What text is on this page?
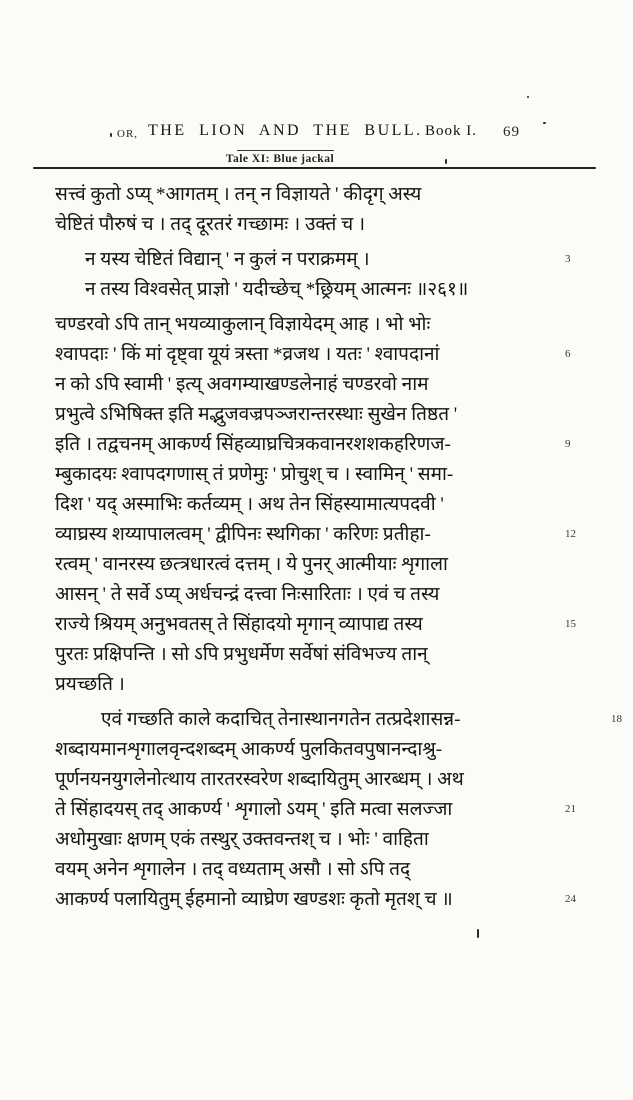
OR, THE LION AND THE BULL. Book I. 69
Tale XI: Blue jackal
सत्त्वं कुतो ऽप्य् *आगतम् । तन् न विज्ञायते ' कीदृग् अस्य
चेष्टितं पौरुषं च । तद् दूरतरं गच्छामः । उक्तं च ।
न यस्य चेष्टितं विद्यान् ' न कुलं न पराक्रमम् ।	3
न तस्य विश्वसेत् प्राज्ञो ' यदीच्छेच् *छ्रियम् आत्मनः ॥२६१॥
चण्डरवो ऽपि तान् भयव्याकुलान् विज्ञायेदम् आह । भो भोः
श्वापदाः ' किं मां दृष्ट्वा यूयं त्रस्ता *व्रजथ । यतः ' श्वापदानां	6
न को ऽपि स्वामी ' इत्य् अवगम्याखण्डलेनाहं चण्डरवो नाम
प्रभुत्वे ऽभिषिक्त इति मद्भुजवज्रपञ्जरान्तरस्थाः सुखेन तिष्ठत '
इति । तद्वचनम् आकर्ण्य सिंहव्याघ्रचित्रकवानरशशकहरिणज-	9
म्बुकादयः श्वापदगणास् तं प्रणेमुः ' प्रोचुश् च । स्वामिन् ' समा-
दिश ' यद् अस्माभिः कर्तव्यम् । अथ तेन सिंहस्यामात्यपदवी '
व्याघ्रस्य शय्यापालत्वम् ' द्वीपिनः स्थगिका ' करिणः प्रतीहा-	12
रत्वम् ' वानरस्य छत्त्रधारत्वं दत्तम् । ये पुनर् आत्मीयाः शृगाला
आसन् ' ते सर्वे ऽप्य् अर्धचन्द्रं दत्त्वा निःसारिताः । एवं च तस्य
राज्ये श्रियम् अनुभवतस् ते सिंहादयो मृगान् व्यापाद्य तस्य	15
पुरतः प्रक्षिपन्ति । सो ऽपि प्रभुधर्मेण सर्वेषां संविभज्य तान्
प्रयच्छति ।
एवं गच्छति काले कदाचित् तेनास्थानगतेन तत्प्रदेशासन्न-	18
शब्दायमानशृगालवृन्दशब्दम् आकर्ण्य पुलकितवपुषानन्दाश्रु-
पूर्णनयनयुगलेनोत्थाय तारतरस्वरेण शब्दायितुम् आरब्धम् । अथ
ते सिंहादयस् तद् आकर्ण्य ' शृगालो ऽयम् ' इति मत्वा सलज्जा	21
अधोमुखाः क्षणम् एकं तस्थुर् उक्तवन्तश् च । भोः ' वाहिता
वयम् अनेन शृगालेन । तद् वध्यताम् असौ । सो ऽपि तद्
आकर्ण्य पलायितुम् ईहमानो व्याघ्रेण खण्डशः कृतो मृतश् च ॥	24
